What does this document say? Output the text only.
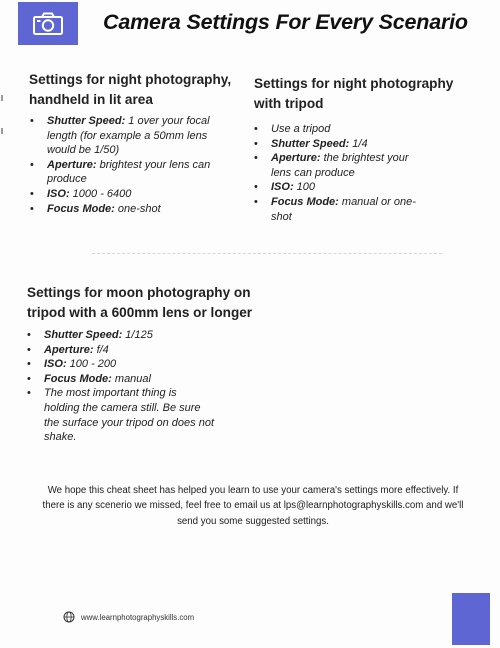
Camera Settings For Every Scenario
Settings for night photography, handheld in lit area
• Shutter Speed: 1 over your focal length (for example a 50mm lens would be 1/50)
• Aperture: brightest your lens can produce
• ISO: 1000 - 6400
• Focus Mode: one-shot
Settings for night photography with tripod
• Use a tripod
• Shutter Speed: 1/4
• Aperture: the brightest your lens can produce
• ISO: 100
• Focus Mode: manual or one-shot
Settings for moon photography on tripod with a 600mm lens or longer
• Shutter Speed: 1/125
• Aperture: f/4
• ISO: 100 - 200
• Focus Mode: manual
• The most important thing is holding the camera still. Be sure the surface your tripod on does not shake.
We hope this cheat sheet has helped you learn to use your camera's settings more effectively. If
there is any scenerio we missed, feel free to email us at lps@learnphotographyskills.com and we'll
send you some suggested settings.
www.learnphotographyskills.com
